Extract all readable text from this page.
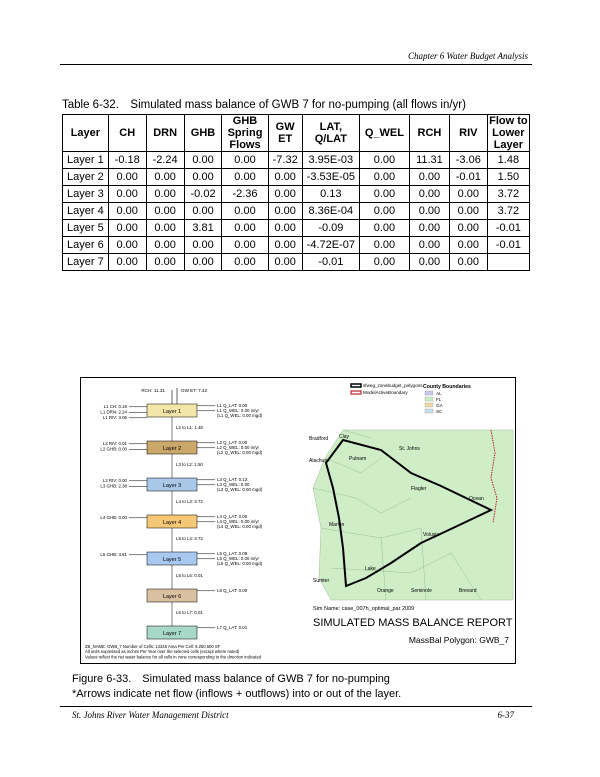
Chapter 6 Water Budget Analysis
Table 6-32. Simulated mass balance of GWB 7 for no-pumping (all flows in/yr)
Layer	CH	DRN	GHB	GHB Spring Flows	GW ET	LAT, Q/LAT	Q_WEL	RCH	RIV	Flow to Lower Layer
Layer 1	-0.18	-2.24	0.00	0.00	-7.32	3.95E-03	0.00	11.31	-3.06	1.48
Layer 2	0.00	0.00	0.00	0.00	0.00	-3.53E-05	0.00	0.00	-0.01	1.50
Layer 3	0.00	0.00	-0.02	-2.36	0.00	0.13	0.00	0.00	0.00	3.72
Layer 4	0.00	0.00	0.00	0.00	0.00	8.36E-04	0.00	0.00	0.00	3.72
Layer 5	0.00	0.00	3.81	0.00	0.00	-0.09	0.00	0.00	0.00	-0.01
Layer 6	0.00	0.00	0.00	0.00	0.00	-4.72E-07	0.00	0.00	0.00	-0.01
Layer 7	0.00	0.00	0.00	0.00	0.00	-0.01	0.00	0.00	0.00	
Bradford Clay
St. Johns
Alachua	Putnam
Flagler
Ocean
Marion
Volusia
Lake
Sumter
Orange	Seminole	Brevard
sfweg_zonebudget_polygons
ModelActiveBoundary
County Boundaries
AL
FL
GA
SC
RCH: 11.31	GW ET: 7.32
Layer 1
L1 CH: 0.18
L1 DRN: 2.24
L1 RIV: 3.06
L1 Q_LAT: 0.00
L1 Q_WEL: 0.00 in/yr
(L1 Q_WEL: 0.00 mgd)
L2 to L1: 1.48
Layer 2
L2 RIV: 0.01
L2 GHB: 0.00
L2 Q_LAT: 0.00
L2 Q_WEL: 0.00 in/yr
(L2 Q_WEL: 0.00 mgd)
L3 to L2: 1.50
Layer 3
L3 RIV: 0.00
L3 GHB: 2.38
L3 Q_LAT: 0.13
L3 Q_WEL: 0.00
(L3 Q_WEL: 0.00 mgd)
L4 to L3: 3.72
Layer 4
L4 GHB: 0.00	L4 Q_LAT: 0.00
L4 Q_WEL: 0.00 in/yr
(L4 Q_WEL: 0.00 mgd)
L5 to L4: 3.72
Layer 5
L5 GHB: 3.81	L5 Q_LAT: 0.09
L5 Q_WEL: 0.00 in/yr
(L5 Q_WEL: 0.00 mgd)
L5 to L6: 0.01
Layer 6
L6 Q_LAT: 0.00
L6 to L7: 0.01
Layer 7
L7 Q_LAT: 0.01
Sim Name: case_007h_optimal_par 2009
SIMULATED MASS BALANCE REPORT
MassBal Polygon: GWB_7
ZB_NAME: GWB_7 Number of Cells: 13348 Area Per Cell: 6,250,500 SF
All units expressed as inches Per Year over the selected cells (except where noted)
Values reflect the net water balance for all cells in zone corresponding to the direction indicated
Figure 6-33. Simulated mass balance of GWB 7 for no-pumping
*Arrows indicate net flow (inflows + outflows) into or out of the layer.
St. Johns River Water Management District	6-37
